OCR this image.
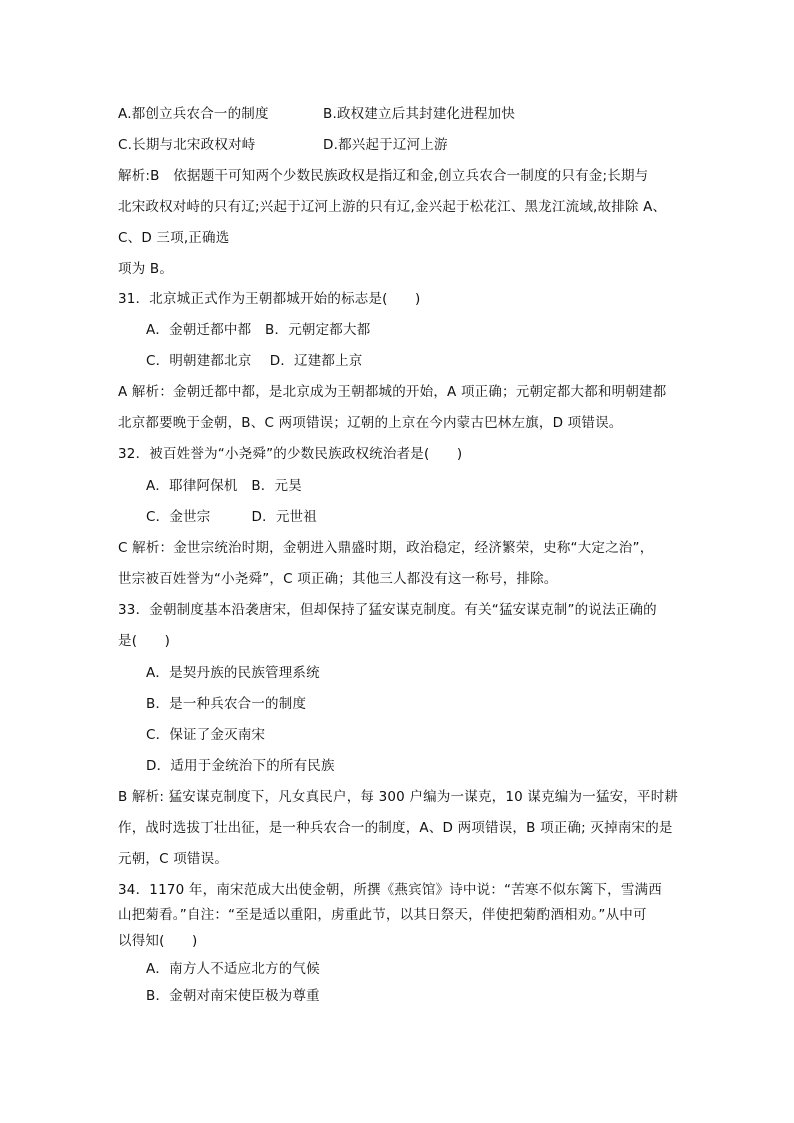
A.都创立兵农合一的制度	B.政权建立后其封建化进程加快
C.长期与北宋政权对峙	D.都兴起于辽河上游
解析:B　依据题干可知两个少数民族政权是指辽和金,创立兵农合一制度的只有金;长期与
北宋政权对峙的只有辽;兴起于辽河上游的只有辽,金兴起于松花江、黑龙江流域,故排除 A、
C、D 三项,正确选
项为 B。
31．北京城正式作为王朝都城开始的标志是(　　)
A．金朝迁都中都　B．元朝定都大都
C．明朝建都北京　 D．辽建都上京
A 解析：金朝迁都中都，是北京成为王朝都城的开始，A 项正确；元朝定都大都和明朝建都
北京都要晚于金朝，B、C 两项错误；辽朝的上京在今内蒙古巴林左旗，D 项错误。
32．被百姓誉为“小尧舜”的少数民族政权统治者是(　　)
A．耶律阿保机　B．元昊
C．金世宗　　　D．元世祖
C 解析：金世宗统治时期，金朝进入鼎盛时期，政治稳定，经济繁荣，史称“大定之治”，
世宗被百姓誉为“小尧舜”，C 项正确；其他三人都没有这一称号，排除。
33．金朝制度基本沿袭唐宋，但却保持了猛安谋克制度。有关“猛安谋克制”的说法正确的
是(　　)
A．是契丹族的民族管理系统
B．是一种兵农合一的制度
C．保证了金灭南宋
D．适用于金统治下的所有民族
B 解析: 猛安谋克制度下，凡女真民户，每 300 户编为一谋克，10 谋克编为一猛安，平时耕
作，战时选拔丁壮出征，是一种兵农合一的制度，A、D 两项错误，B 项正确; 灭掉南宋的是
元朝，C 项错误。
34．1170 年，南宋范成大出使金朝，所撰《燕宾馆》诗中说：“苦寒不似东篱下，雪满西
山把菊看。”自注：“至是适以重阳，虏重此节，以其日祭天，伴使把菊酌酒相劝。”从中可
以得知(　　)
A．南方人不适应北方的气候
B．金朝对南宋使臣极为尊重
